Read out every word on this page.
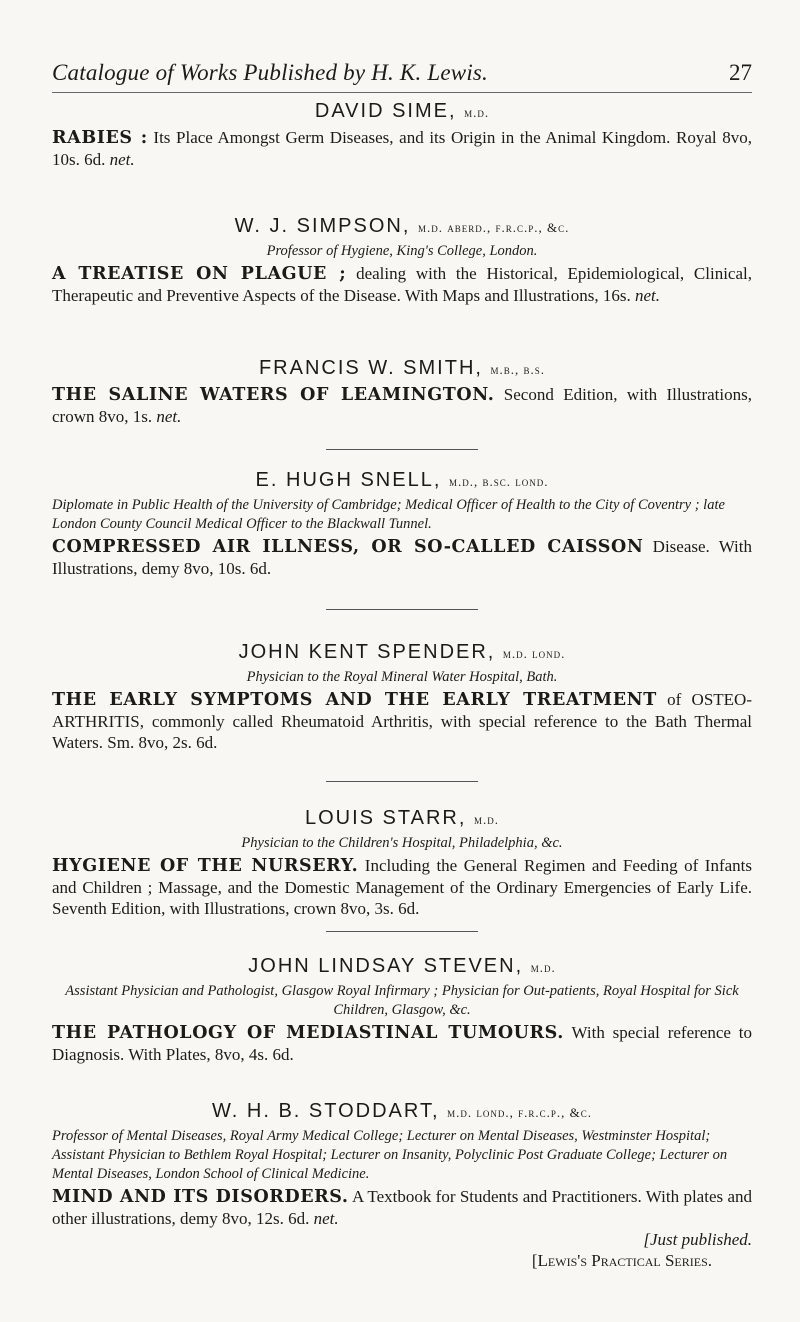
Catalogue of Works Published by H. K. Lewis.	27

DAVID SIME, m.d.

RABIES : Its Place Amongst Germ Diseases, and its Origin in the Animal Kingdom. Royal 8vo, 10s. 6d. net.

W. J. SIMPSON, m.d. aberd., f.r.c.p., &c.

Professor of Hygiene, King's College, London.

A TREATISE ON PLAGUE ; dealing with the Historical, Epidemiological, Clinical, Therapeutic and Preventive Aspects of the Disease. With Maps and Illustrations, 16s. net.

FRANCIS W. SMITH, m.b., b.s.

THE SALINE WATERS OF LEAMINGTON. Second Edition, with Illustrations, crown 8vo, 1s. net.

E. HUGH SNELL, m.d., b.sc. lond.

Diplomate in Public Health of the University of Cambridge; Medical Officer of Health to the City of Coventry ; late London County Council Medical Officer to the Blackwall Tunnel.

COMPRESSED AIR ILLNESS, OR SO-CALLED CAISSON Disease. With Illustrations, demy 8vo, 10s. 6d.

JOHN KENT SPENDER, m.d. lond.

Physician to the Royal Mineral Water Hospital, Bath.

THE EARLY SYMPTOMS AND THE EARLY TREATMENT of OSTEO-ARTHRITIS, commonly called Rheumatoid Arthritis, with special reference to the Bath Thermal Waters. Sm. 8vo, 2s. 6d.

LOUIS STARR, m.d.

Physician to the Children's Hospital, Philadelphia, &c.

HYGIENE OF THE NURSERY. Including the General Regimen and Feeding of Infants and Children ; Massage, and the Domestic Management of the Ordinary Emergencies of Early Life. Seventh Edition, with Illustrations, crown 8vo, 3s. 6d.

JOHN LINDSAY STEVEN, m.d.

Assistant Physician and Pathologist, Glasgow Royal Infirmary ; Physician for Out-patients, Royal Hospital for Sick Children, Glasgow, &c.

THE PATHOLOGY OF MEDIASTINAL TUMOURS. With special reference to Diagnosis. With Plates, 8vo, 4s. 6d.

W. H. B. STODDART, m.d. lond., f.r.c.p., &c.

Professor of Mental Diseases, Royal Army Medical College; Lecturer on Mental Diseases, Westminster Hospital; Assistant Physician to Bethlem Royal Hospital; Lecturer on Insanity, Polyclinic Post Graduate College; Lecturer on Mental Diseases, London School of Clinical Medicine.

MIND AND ITS DISORDERS. A Textbook for Students and Practitioners. With plates and other illustrations, demy 8vo, 12s. 6d. net.

[Just published.
[Lewis's Practical Series.
